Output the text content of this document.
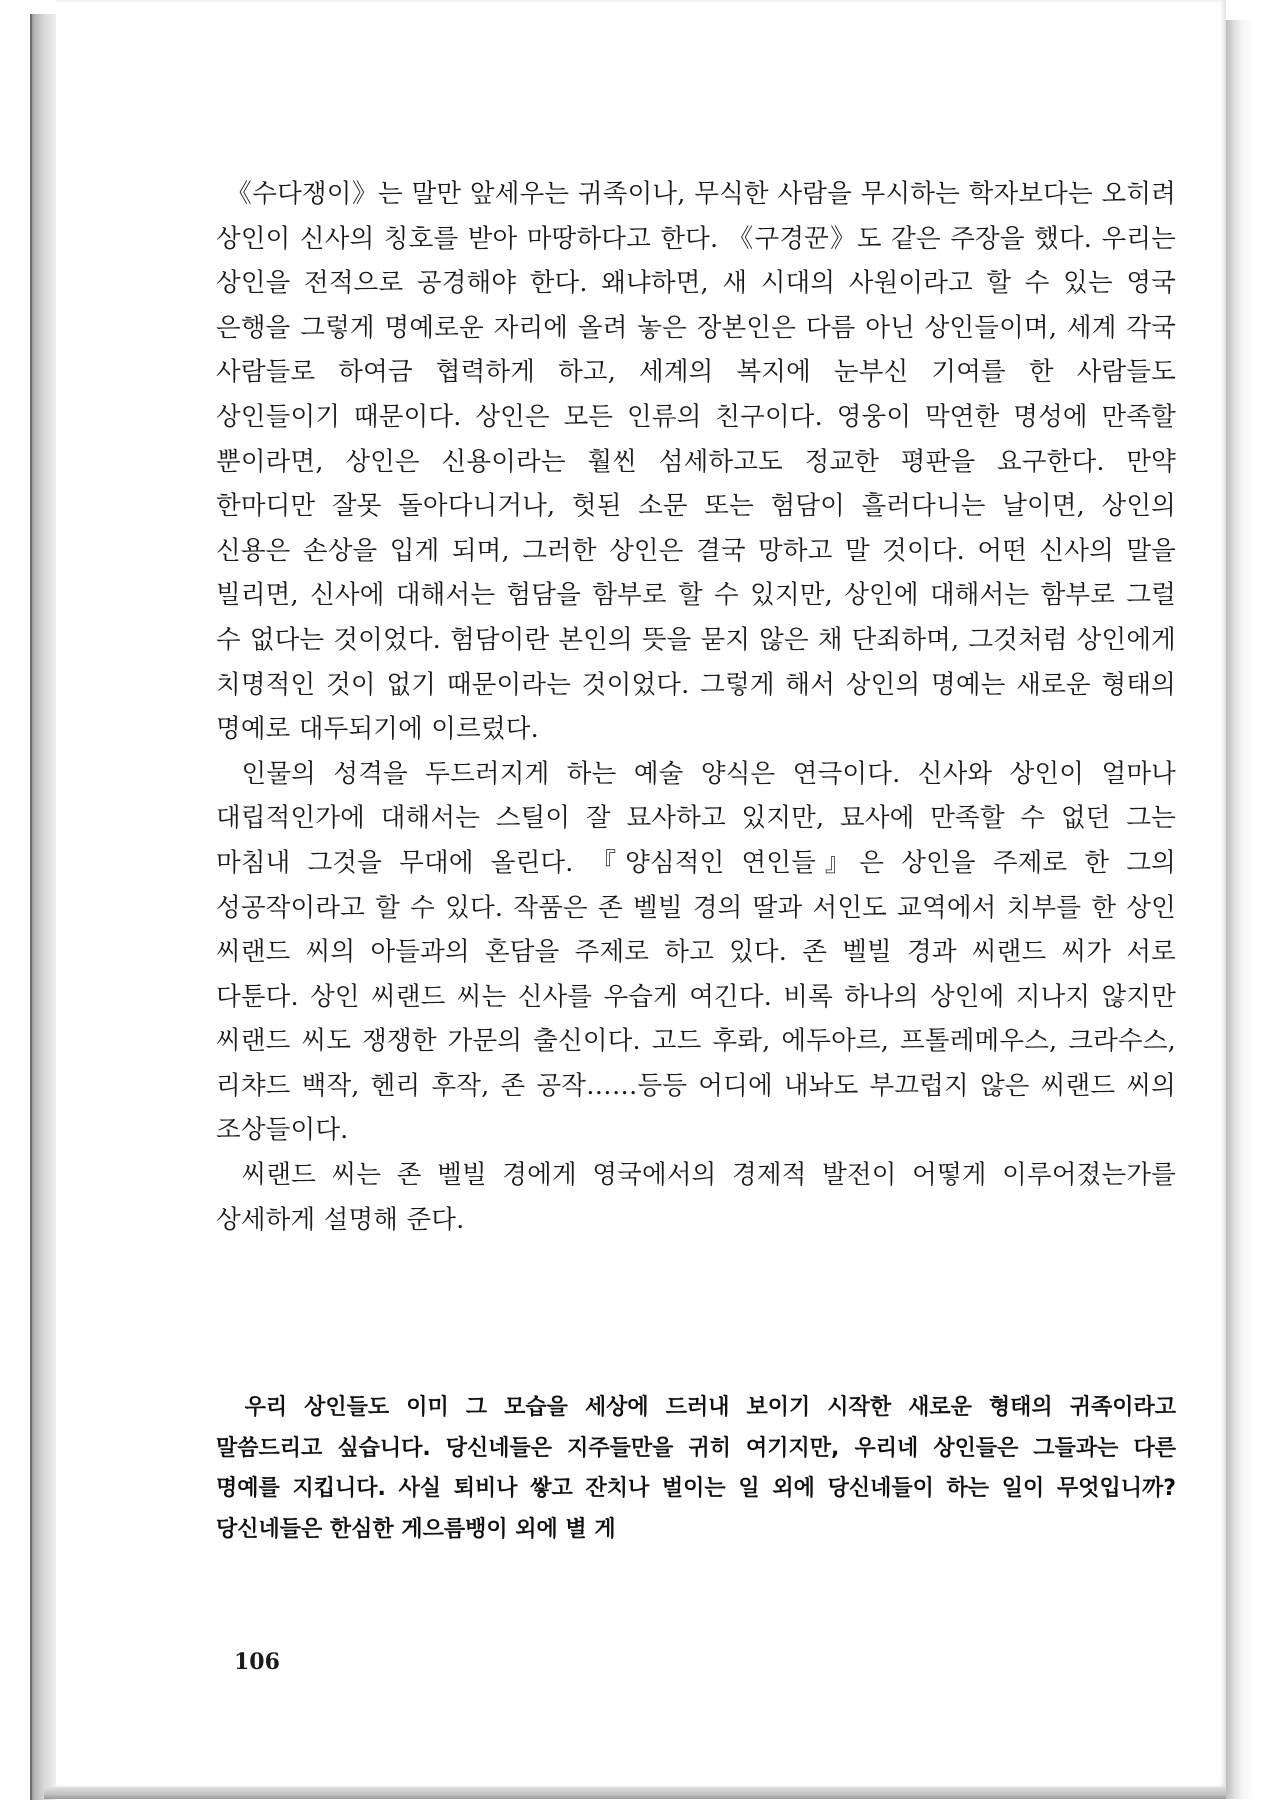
《수다쟁이》는 말만 앞세우는 귀족이나, 무식한 사람을 무시하는 학자보다는 오히려 상인이 신사의 칭호를 받아 마땅하다고 한다. 《구경꾼》도 같은 주장을 했다. 우리는 상인을 전적으로 공경해야 한다. 왜냐하면, 새 시대의 사원이라고 할 수 있는 영국 은행을 그렇게 명예로운 자리에 올려 놓은 장본인은 다름 아닌 상인들이며, 세계 각국 사람들로 하여금 협력하게 하고, 세계의 복지에 눈부신 기여를 한 사람들도 상인들이기 때문이다. 상인은 모든 인류의 친구이다. 영웅이 막연한 명성에 만족할 뿐이라면, 상인은 신용이라는 훨씬 섬세하고도 정교한 평판을 요구한다. 만약 한마디만 잘못 돌아다니거나, 헛된 소문 또는 험담이 흘러다니는 날이면, 상인의 신용은 손상을 입게 되며, 그러한 상인은 결국 망하고 말 것이다. 어떤 신사의 말을 빌리면, 신사에 대해서는 험담을 함부로 할 수 있지만, 상인에 대해서는 함부로 그럴 수 없다는 것이었다. 험담이란 본인의 뜻을 묻지 않은 채 단죄하며, 그것처럼 상인에게 치명적인 것이 없기 때문이라는 것이었다. 그렇게 해서 상인의 명예는 새로운 형태의 명예로 대두되기에 이르렀다.

인물의 성격을 두드러지게 하는 예술 양식은 연극이다. 신사와 상인이 얼마나 대립적인가에 대해서는 스틸이 잘 묘사하고 있지만, 묘사에 만족할 수 없던 그는 마침내 그것을 무대에 올린다. 『양심적인 연인들』은 상인을 주제로 한 그의 성공작이라고 할 수 있다. 작품은 존 벨빌 경의 딸과 서인도 교역에서 치부를 한 상인 씨랜드 씨의 아들과의 혼담을 주제로 하고 있다. 존 벨빌 경과 씨랜드 씨가 서로 다툰다. 상인 씨랜드 씨는 신사를 우습게 여긴다. 비록 하나의 상인에 지나지 않지만 씨랜드 씨도 쟁쟁한 가문의 출신이다. 고드 후롸, 에두아르, 프톨레메우스, 크라수스, 리챠드 백작, 헨리 후작, 존 공작……등등 어디에 내놔도 부끄럽지 않은 씨랜드 씨의 조상들이다.

씨랜드 씨는 존 벨빌 경에게 영국에서의 경제적 발전이 어떻게 이루어졌는가를 상세하게 설명해 준다.

우리 상인들도 이미 그 모습을 세상에 드러내 보이기 시작한 새로운 형태의 귀족이라고 말씀드리고 싶습니다. 당신네들은 지주들만을 귀히 여기지만, 우리네 상인들은 그들과는 다른 명예를 지킵니다. 사실 퇴비나 쌓고 잔치나 벌이는 일 외에 당신네들이 하는 일이 무엇입니까? 당신네들은 한심한 게으름뱅이 외에 별 게

106
